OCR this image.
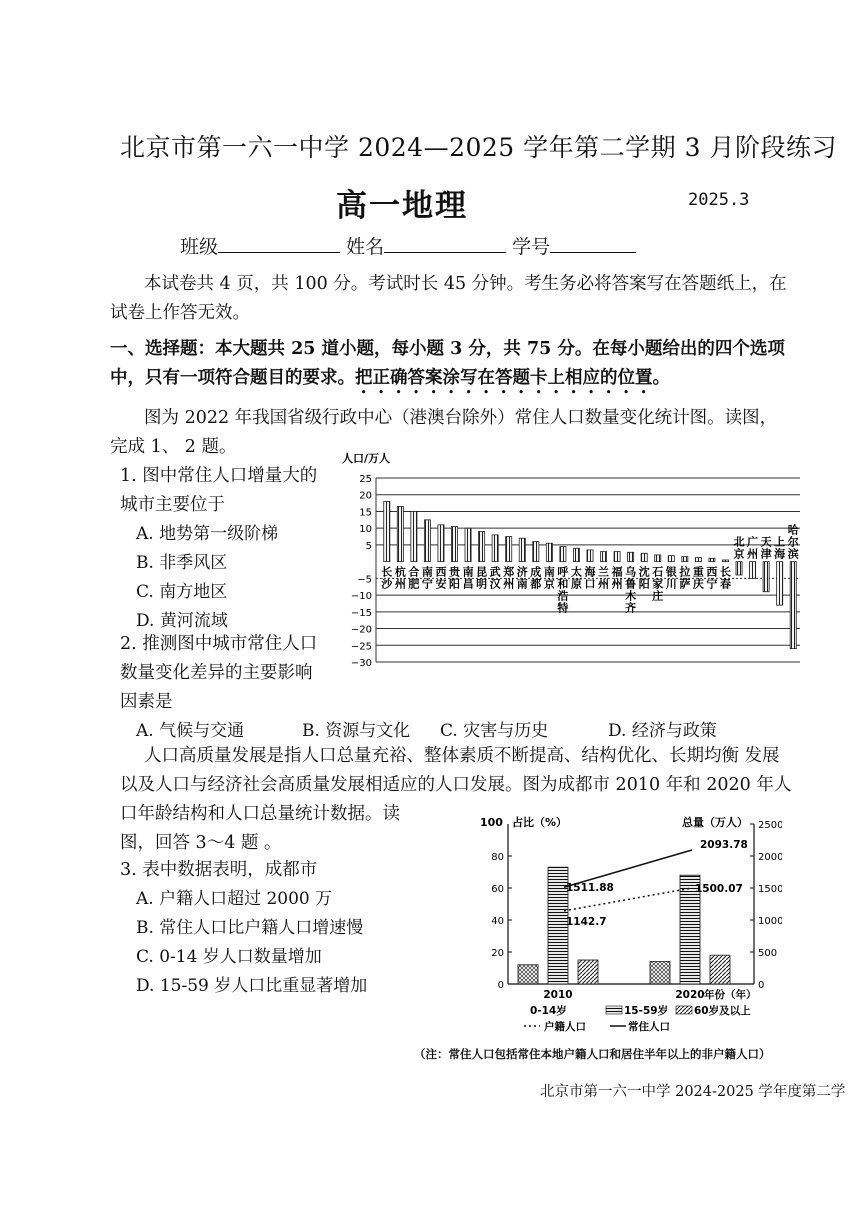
北京市第一六一中学 2024—2025 学年第二学期 3 月阶段练习
高一地理	2025.3
班级	姓名	学号
本试卷共 4 页，共 100 分。考试时长 45 分钟。考生务必将答案写在答题纸上，在试卷上作答无效。
一、选择题：本大题共 25 道小题，每小题 3 分，共 75 分。在每小题给出的四个选项中，只有一项符合题目的要求。把正确答案涂写在答题卡上相应的位置。
图为 2022 年我国省级行政中心（港澳台除外）常住人口数量变化统计图。读图，完成 1、 2 题。
1. 图中常住人口增量大的
城市主要位于
A. 地势第一级阶梯
B. 非季风区
C. 南方地区
D. 黄河流域
2. 推测图中城市常住人口
数量变化差异的主要影响
因素是
A. 气候与交通	B. 资源与文化 C. 灾害与历史	D. 经济与政策
人口高质量发展是指人口总量充裕、整体素质不断提高、结构优化、长期均衡 发展
以及人口与经济社会高质量发展相适应的人口发展。图为成都市 2010 年和 2020 年人
口年龄结构和人口总量统计数据。读
图，回答 3～4 题 。
3. 表中数据表明，成都市
A. 户籍人口超过 2000 万
B. 常住人口比户籍人口增速慢
C. 0-14 岁人口数量增加
D. 15-59 岁人口比重显著增加
人口/万人
25
20
15
10
5
−5
−10
−15
−20
−25
−30
长
沙
杭
州
合
肥
南
宁
西
安
贵
阳
南
昌
昆
明
武
汉
郑
州
济
南
成
都
南
京
呼
和
浩
特
太
原
海
口
兰
州
福
州
乌
鲁
木
齐
沈
阳
石
家
庄
银
川
拉
萨
重
庆
西
宁
长
春
北
京
广
州
天
津
上
海
哈
尔
滨
100 占比（%）	总量（万人）
0
20
40
60
80
0
500
1000
1500
2000
2500
2010	2020 年份（年）
1511.88
1142.7
1500.07
2093.78
0-14岁	15-59岁 60岁及以上
户籍人口	常住人口
（注：常住人口包括常住本地户籍人口和居住半年以上的非户籍人口）
北京市第一六一中学 2024-2025 学年度第二学
